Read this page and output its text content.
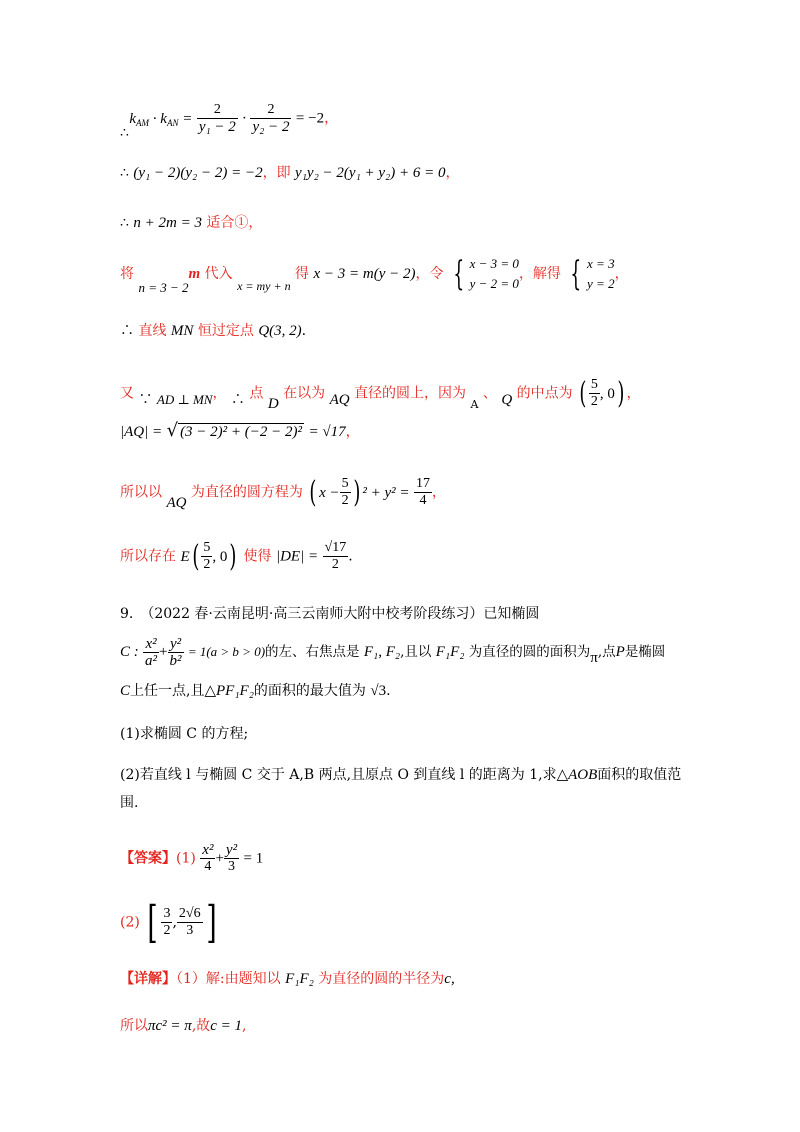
∴ $k_{AM} \cdot k_{AN} = \frac{2}{\text{y₁ − 2}} \cdot \frac{2}{\text{y₂ − 2}} = -2$，
∴ (y₁ − 2)(y₂ − 2) = −2，即 y₁y₂ − 2(y₁ + y₂) + 6 = 0，
∴ n + 2m = 3 适合①，
将 n = 3 − 2m 代入 x = my + n 得 x − 3 = m(y − 2)，令 { x − 3 = 0
y − 2 = 0
，解得 { x = 3
y = 2
，
∴ 直线 MN 恒过定点 Q(3, 2).
又 ∵ AD ⊥ MN， ∴ 点 D 在以为 AQ 直径的圆上，因为 $_A$ 、 Q 的中点为 ( $\frac{5}{2}$ , 0) ，
|AQ| = √ (3 − 2)² + (−2 − 2)² = √17，
所以以 AQ 为直径的圆方程为 ( $x - \frac{5}{2}$ ) $^2 + y^2 = \frac{17}{4}$ ，
所以存在 $E( \frac{5}{2}$ , 0) 使得 $|DE| = \frac{√17}{2}$ .
9.　（2022 春·云南昆明·高三云南师大附中校考阶段练习）已知椭圆
C : $\frac{\text{x²}}{\text{a²}} + \frac{\text{y²}}{\text{b²}} = 1(a > b > 0)$的左、右焦点是 F₁, F₂,且以 F₁F₂ 为直径的圆的面积为π,点P是椭圆
C上任一点,且△PF₁F₂的面积的最大值为 √3.
(1)求椭圆 C 的方程;
(2)若直线 l 与椭圆 C 交于 A,B 两点,且原点 O 到直线 l 的距离为 1,求△AOB面积的取值范
围.
【答案】$(1) \frac{\text{x²}}{4} + \frac{\text{y²}}{3} = 1$
(2) [ $\frac{3}{2}$ , $\frac{2√6}{3}$ ]
【详解】（1）解:由题知以 F₁F₂ 为直径的圆的半径为c,
所以πc² = π,故c = 1,
